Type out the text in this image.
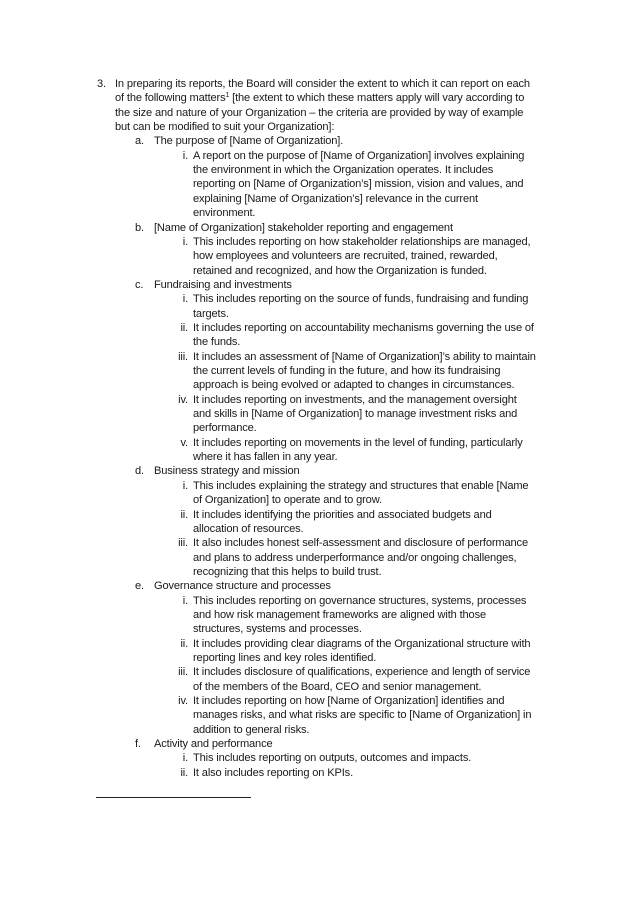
3. In preparing its reports, the Board will consider the extent to which it can report on each
of the following matters$^1$ [the extent to which these matters apply will vary according to
the size and nature of your Organization – the criteria are provided by way of example
but can be modified to suit your Organization]:
a. The purpose of [Name of Organization].
i. A report on the purpose of [Name of Organization] involves explaining
the environment in which the Organization operates. It includes
reporting on [Name of Organization’s] mission, vision and values, and
explaining [Name of Organization’s] relevance in the current
environment.
b. [Name of Organization] stakeholder reporting and engagement
i. This includes reporting on how stakeholder relationships are managed,
how employees and volunteers are recruited, trained, rewarded,
retained and recognized, and how the Organization is funded.
c. Fundraising and investments
i. This includes reporting on the source of funds, fundraising and funding
targets.
ii. It includes reporting on accountability mechanisms governing the use of
the funds.
iii. It includes an assessment of [Name of Organization]’s ability to maintain
the current levels of funding in the future, and how its fundraising
approach is being evolved or adapted to changes in circumstances.
iv. It includes reporting on investments, and the management oversight
and skills in [Name of Organization] to manage investment risks and
performance.
v. It includes reporting on movements in the level of funding, particularly
where it has fallen in any year.
d. Business strategy and mission
i. This includes explaining the strategy and structures that enable [Name
of Organization] to operate and to grow.
ii. It includes identifying the priorities and associated budgets and
allocation of resources.
iii. It also includes honest self-assessment and disclosure of performance
and plans to address underperformance and/or ongoing challenges,
recognizing that this helps to build trust.
e. Governance structure and processes
i. This includes reporting on governance structures, systems, processes
and how risk management frameworks are aligned with those
structures, systems and processes.
ii. It includes providing clear diagrams of the Organizational structure with
reporting lines and key roles identified.
iii. It includes disclosure of qualifications, experience and length of service
of the members of the Board, CEO and senior management.
iv. It includes reporting on how [Name of Organization] identifies and
manages risks, and what risks are specific to [Name of Organization] in
addition to general risks.
f. Activity and performance
i. This includes reporting on outputs, outcomes and impacts.
ii. It also includes reporting on KPIs.
